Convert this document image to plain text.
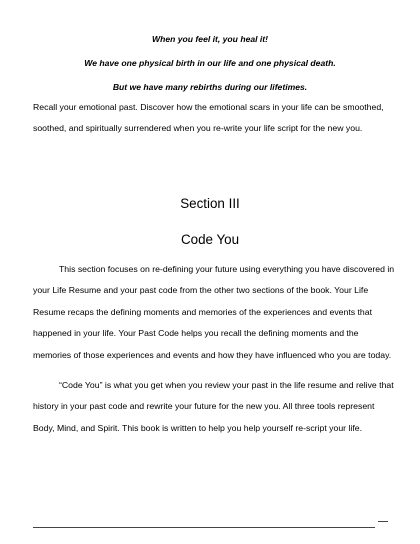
When you feel it, you heal it!
We have one physical birth in our life and one physical death.
But we have many rebirths during our lifetimes.

Recall your emotional past. Discover how the emotional scars in your life can be smoothed, soothed, and spiritually surrendered when you re-write your life script for the new you.

Section III
Code You

This section focuses on re-defining your future using everything you have discovered in your Life Resume and your past code from the other two sections of the book. Your Life Resume recaps the defining moments and memories of the experiences and events that happened in your life. Your Past Code helps you recall the defining moments and the memories of those experiences and events and how they have influenced who you are today.

“Code You” is what you get when you review your past in the life resume and relive that history in your past code and rewrite your future for the new you. All three tools represent Body, Mind, and Spirit. This book is written to help you help yourself re-script your life.
